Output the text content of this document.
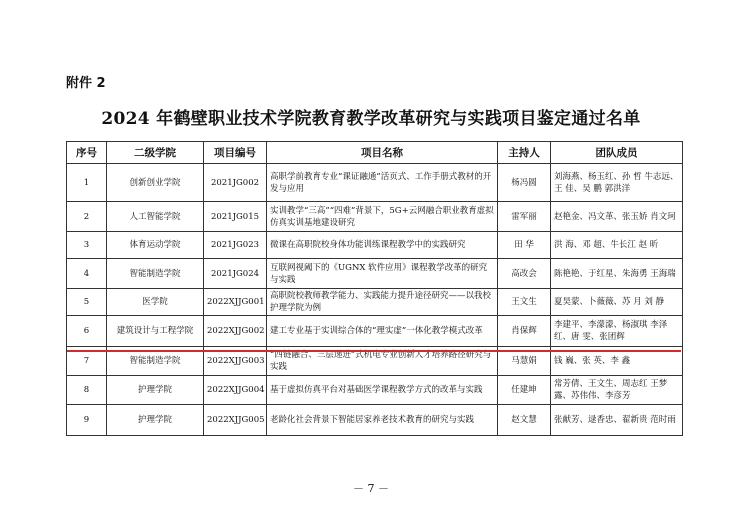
附件 2
2024 年鹤壁职业技术学院教育教学改革研究与实践项目鉴定通过名单
序号	二级学院	项目编号	项目名称	主持人	团队成员
1	创新创业学院	2021JG002	高职学前教育专业“课证融通”活页式、工作手册式教材的开发与应用	杨冯圆	刘海燕、杨玉红、孙 哲 牛志远、王 佳、吴 鹏 郭洪洋
2	人工智能学院	2021JG015	实训教学“三高”“四难”背景下，5G+云网融合职业教育虚拟仿真实训基地建设研究	雷军丽	赵艳金、冯文革、张玉娇 肖文珂
3	体育运动学院	2021JG023	微课在高职院校身体功能训练课程教学中的实践研究	田 华	洪 海、邓 超、牛长江 赵 昕
4	智能制造学院	2021JG024	互联网视阈下的《UGNX 软件应用》课程教学改革的研究与实践	高改会	陈艳艳、于红星、朱海勇 王海瑞
5	医学院	2022XJJG001	高职院校教师教学能力、实践能力提升途径研究——以我校护理学院为例	王文生	夏昊蒙、卜薇薇、苏 月 刘 静
6	建筑设计与工程学院	2022XJJG002	建工专业基于实训综合体的“理实虚”一体化教学模式改革	肖保辉	李建平、李濛濛、杨淑琪 李泽红、唐 雯、张团辉
7	智能制造学院	2022XJJG003	“四链融合、三层递进”式机电专业创新人才培养路径研究与实践	马慧娟	钱 巍、张 英、李 鑫
8	护理学院	2022XJJG004	基于虚拟仿真平台对基础医学课程教学方式的改革与实践	任建坤	常芳倩、王文生、周志红 王梦露、苏伟伟、李彦芳
9	护理学院	2022XJJG005	老龄化社会背景下智能居家养老技术教育的研究与实践	赵文慧	张献芳、逯香忠、翟新贵 范时雨
－ 7 －
